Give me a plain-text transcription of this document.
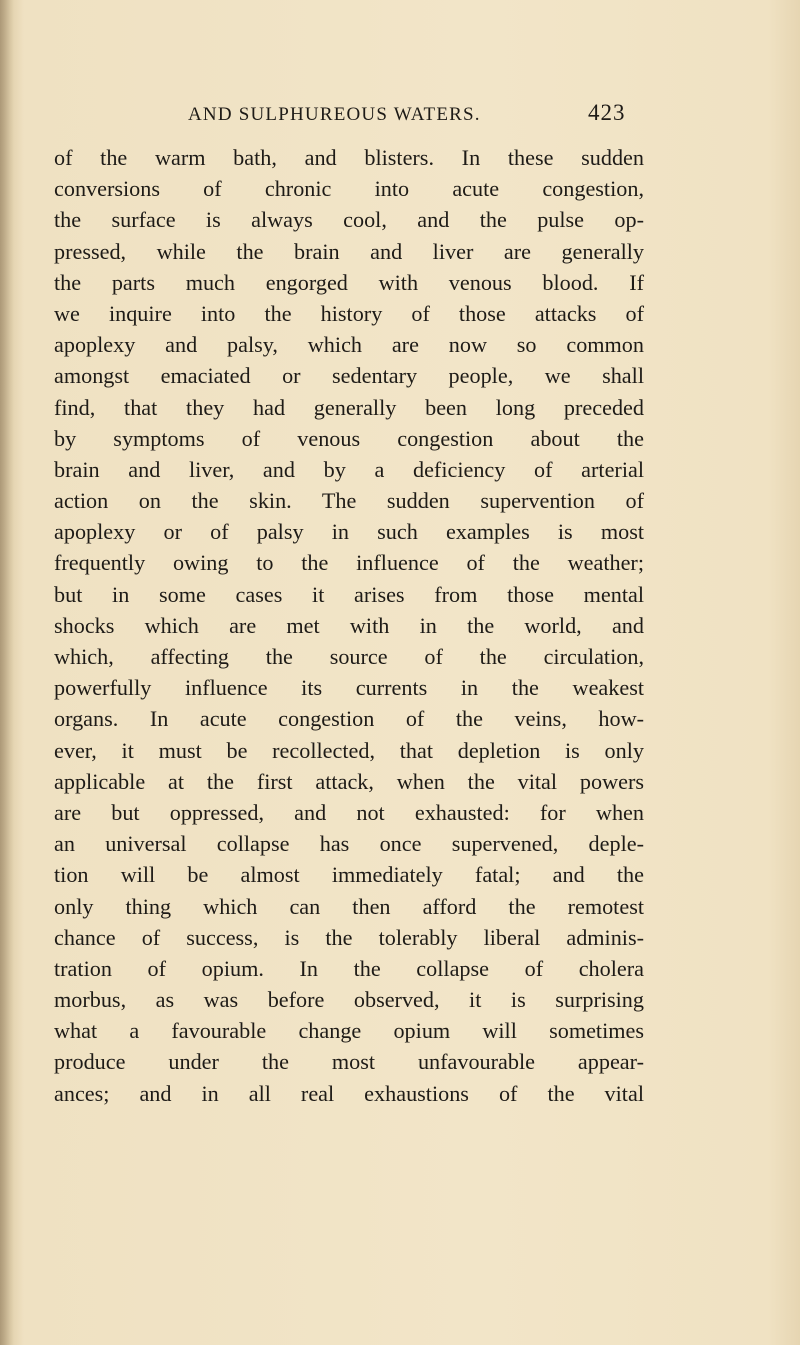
AND SULPHUREOUS WATERS.	423
of the warm bath, and blisters. In these sudden
conversions of chronic into acute congestion,
the surface is always cool, and the pulse op-
pressed, while the brain and liver are generally
the parts much engorged with venous blood. If
we inquire into the history of those attacks of
apoplexy and palsy, which are now so common
amongst emaciated or sedentary people, we shall
find, that they had generally been long preceded
by symptoms of venous congestion about the
brain and liver, and by a deficiency of arterial
action on the skin. The sudden supervention of
apoplexy or of palsy in such examples is most
frequently owing to the influence of the weather;
but in some cases it arises from those mental
shocks which are met with in the world, and
which, affecting the source of the circulation,
powerfully influence its currents in the weakest
organs. In acute congestion of the veins, how-
ever, it must be recollected, that depletion is only
applicable at the first attack, when the vital powers
are but oppressed, and not exhausted: for when
an universal collapse has once supervened, deple-
tion will be almost immediately fatal; and the
only thing which can then afford the remotest
chance of success, is the tolerably liberal adminis-
tration of opium. In the collapse of cholera
morbus, as was before observed, it is surprising
what a favourable change opium will sometimes
produce under the most unfavourable appear-
ances; and in all real exhaustions of the vital
